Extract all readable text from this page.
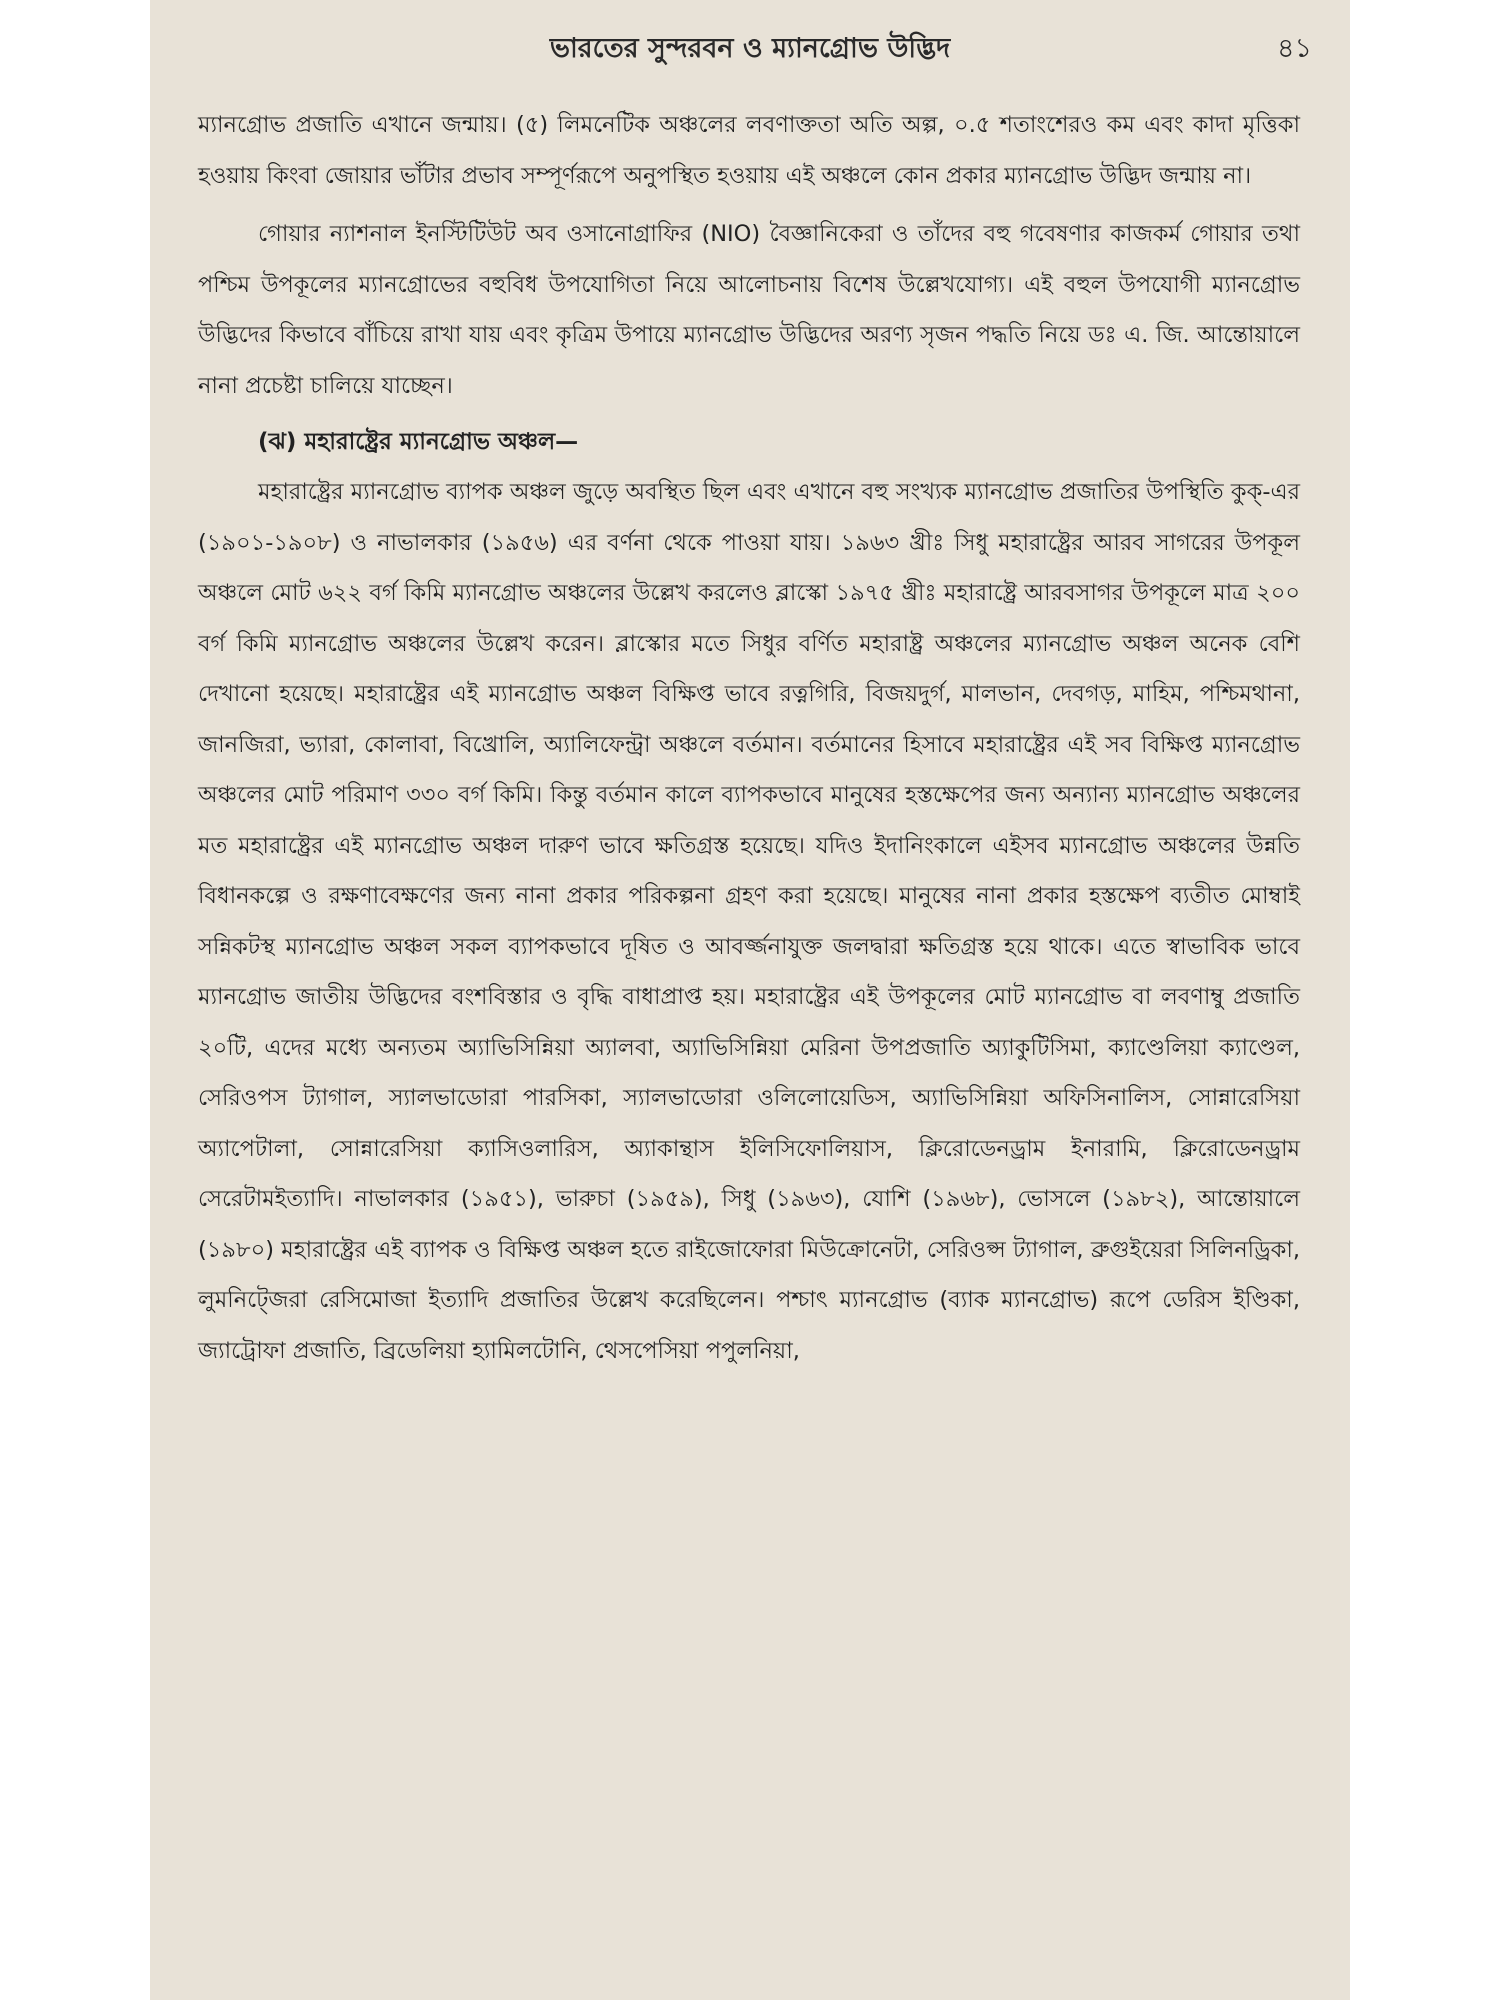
ভারতের সুন্দরবন ও ম্যানগ্রোভ উদ্ভিদ	৪১

ম্যানগ্রোভ প্রজাতি এখানে জন্মায়। (৫) লিমনেটিক অঞ্চলের লবণাক্ততা অতি অল্প, ০.৫ শতাংশেরও কম এবং কাদা মৃত্তিকা হওয়ায় কিংবা জোয়ার ভাঁটার প্রভাব সম্পূর্ণরূপে অনুপস্থিত হওয়ায় এই অঞ্চলে কোন প্রকার ম্যানগ্রোভ উদ্ভিদ জন্মায় না।

গোয়ার ন্যাশনাল ইনস্টিটিউট অব ওসানোগ্রাফির (NIO) বৈজ্ঞানিকেরা ও তাঁদের বহু গবেষণার কাজকর্ম গোয়ার তথা পশ্চিম উপকূলের ম্যানগ্রোভের বহুবিধ উপযোগিতা নিয়ে আলোচনায় বিশেষ উল্লেখযোগ্য। এই বহুল উপযোগী ম্যানগ্রোভ উদ্ভিদের কিভাবে বাঁচিয়ে রাখা যায় এবং কৃত্রিম উপায়ে ম্যানগ্রোভ উদ্ভিদের অরণ্য সৃজন পদ্ধতি নিয়ে ডঃ এ. জি. আন্তোয়ালে নানা প্রচেষ্টা চালিয়ে যাচ্ছেন।

(ঝ) মহারাষ্ট্রের ম্যানগ্রোভ অঞ্চল—

মহারাষ্ট্রের ম্যানগ্রোভ ব্যাপক অঞ্চল জুড়ে অবস্থিত ছিল এবং এখানে বহু সংখ্যক ম্যানগ্রোভ প্রজাতির উপস্থিতি কুক্-এর (১৯০১-১৯০৮) ও নাভালকার (১৯৫৬) এর বর্ণনা থেকে পাওয়া যায়। ১৯৬৩ খ্রীঃ সিধু মহারাষ্ট্রের আরব সাগরের উপকূল অঞ্চলে মোট ৬২২ বর্গ কিমি ম্যানগ্রোভ অঞ্চলের উল্লেখ করলেও ব্লাস্কো ১৯৭৫ খ্রীঃ মহারাষ্ট্রে আরবসাগর উপকূলে মাত্র ২০০ বর্গ কিমি ম্যানগ্রোভ অঞ্চলের উল্লেখ করেন। ব্লাস্কোর মতে সিধুর বর্ণিত মহারাষ্ট্র অঞ্চলের ম্যানগ্রোভ অঞ্চল অনেক বেশি দেখানো হয়েছে। মহারাষ্ট্রের এই ম্যানগ্রোভ অঞ্চল বিক্ষিপ্ত ভাবে রত্নগিরি, বিজয়দুর্গ, মালভান, দেবগড়, মাহিম, পশ্চিমথানা, জানজিরা, ভ্যারা, কোলাবা, বিখ্রোলি, অ্যালিফেন্ট্রা অঞ্চলে বর্তমান। বর্তমানের হিসাবে মহারাষ্ট্রের এই সব বিক্ষিপ্ত ম্যানগ্রোভ অঞ্চলের মোট পরিমাণ ৩৩০ বর্গ কিমি। কিন্তু বর্তমান কালে ব্যাপকভাবে মানুষের হস্তক্ষেপের জন্য অন্যান্য ম্যানগ্রোভ অঞ্চলের মত মহারাষ্ট্রের এই ম্যানগ্রোভ অঞ্চল দারুণ ভাবে ক্ষতিগ্রস্ত হয়েছে। যদিও ইদানিংকালে এইসব ম্যানগ্রোভ অঞ্চলের উন্নতি বিধানকল্পে ও রক্ষণাবেক্ষণের জন্য নানা প্রকার পরিকল্পনা গ্রহণ করা হয়েছে। মানুষের নানা প্রকার হস্তক্ষেপ ব্যতীত মোম্বাই সন্নিকটস্থ ম্যানগ্রোভ অঞ্চল সকল ব্যাপকভাবে দূষিত ও আবর্জ্জনাযুক্ত জলদ্বারা ক্ষতিগ্রস্ত হয়ে থাকে। এতে স্বাভাবিক ভাবে ম্যানগ্রোভ জাতীয় উদ্ভিদের বংশবিস্তার ও বৃদ্ধি বাধাপ্রাপ্ত হয়। মহারাষ্ট্রের এই উপকূলের মোট ম্যানগ্রোভ বা লবণাম্বু প্রজাতি ২০টি, এদের মধ্যে অন্যতম অ্যাভিসিন্নিয়া অ্যালবা, অ্যাভিসিন্নিয়া মেরিনা উপপ্রজাতি অ্যাকুটিসিমা, ক্যাণ্ডেলিয়া ক্যাণ্ডেল, সেরিওপস ট্যাগাল, স্যালভাডোরা পারসিকা, স্যালভাডোরা ওলিলোয়েডিস, অ্যাভিসিন্নিয়া অফিসিনালিস, সোন্নারেসিয়া অ্যাপেটালা, সোন্নারেসিয়া ক্যাসিওলারিস, অ্যাকান্থাস ইলিসিফোলিয়াস, ক্লিরোডেনড্রাম ইনারামি, ক্লিরোডেনড্রাম সেরেটামইত্যাদি। নাভালকার (১৯৫১), ভারুচা (১৯৫৯), সিধু (১৯৬৩), যোশি (১৯৬৮), ভোসলে (১৯৮২), আন্তোয়ালে (১৯৮০) মহারাষ্ট্রের এই ব্যাপক ও বিক্ষিপ্ত অঞ্চল হতে রাইজোফোরা মিউক্রোনেটা, সেরিওপ্স ট্যাগাল, ব্রুগুইয়েরা সিলিনড্রিকা, লুমনিট্জেরা রেসিমোজা ইত্যাদি প্রজাতির উল্লেখ করেছিলেন। পশ্চাৎ ম্যানগ্রোভ (ব্যাক ম্যানগ্রোভ) রূপে ডেরিস ইণ্ডিকা, জ্যাট্রোফা প্রজাতি, ব্রিডেলিয়া হ্যামিলটোনি, থেসপেসিয়া পপুলনিয়া,
